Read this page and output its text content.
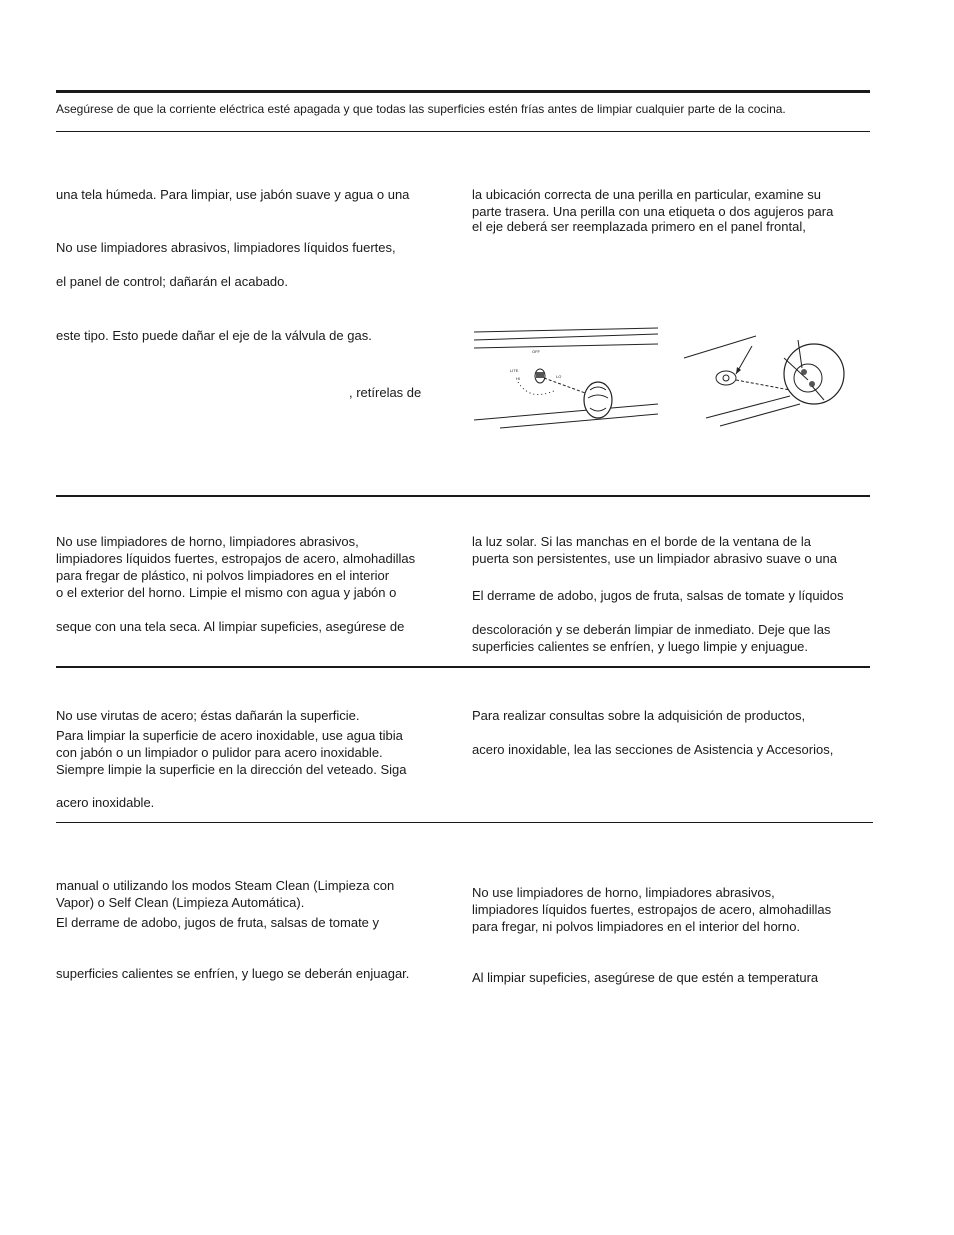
Asegúrese de que la corriente eléctrica esté apagada y que todas las superficies estén frías antes de limpiar cualquier parte de la cocina.

una tela húmeda. Para limpiar, use jabón suave y agua o una

No use limpiadores abrasivos, limpiadores líquidos fuertes,

el panel de control; dañarán el acabado.

este tipo. Esto puede dañar el eje de la válvula de gas.

, retírelas de

la ubicación correcta de una perilla en particular, examine su

parte trasera. Una perilla con una etiqueta o dos agujeros para

el eje deberá ser reemplazada primero en el panel frontal,

OFF
LITE
HI	LO

No use limpiadores de horno, limpiadores abrasivos,

limpiadores líquidos fuertes, estropajos de acero, almohadillas

para fregar de plástico, ni polvos limpiadores en el interior

o el exterior del horno. Limpie el mismo con agua y jabón o

seque con una tela seca. Al limpiar supeficies, asegúrese de

la luz solar. Si las manchas en el borde de la ventana de la

puerta son persistentes, use un limpiador abrasivo suave o una

El derrame de adobo, jugos de fruta, salsas de tomate y líquidos

descoloración y se deberán limpiar de inmediato. Deje que las

superficies calientes se enfríen, y luego limpie y enjuague.

No use virutas de acero; éstas dañarán la superficie.

Para limpiar la superficie de acero inoxidable, use agua tibia

con jabón o un limpiador o pulidor para acero inoxidable.

Siempre limpie la superficie en la dirección del veteado. Siga

acero inoxidable.

Para realizar consultas sobre la adquisición de productos,

acero inoxidable, lea las secciones de Asistencia y Accesorios,

manual o utilizando los modos Steam Clean (Limpieza con

Vapor) o Self Clean (Limpieza Automática).

El derrame de adobo, jugos de fruta, salsas de tomate y

superficies calientes se enfríen, y luego se deberán enjuagar.

No use limpiadores de horno, limpiadores abrasivos,

limpiadores líquidos fuertes, estropajos de acero, almohadillas

para fregar, ni polvos limpiadores en el interior del horno.

Al limpiar supeficies, asegúrese de que estén a temperatura
